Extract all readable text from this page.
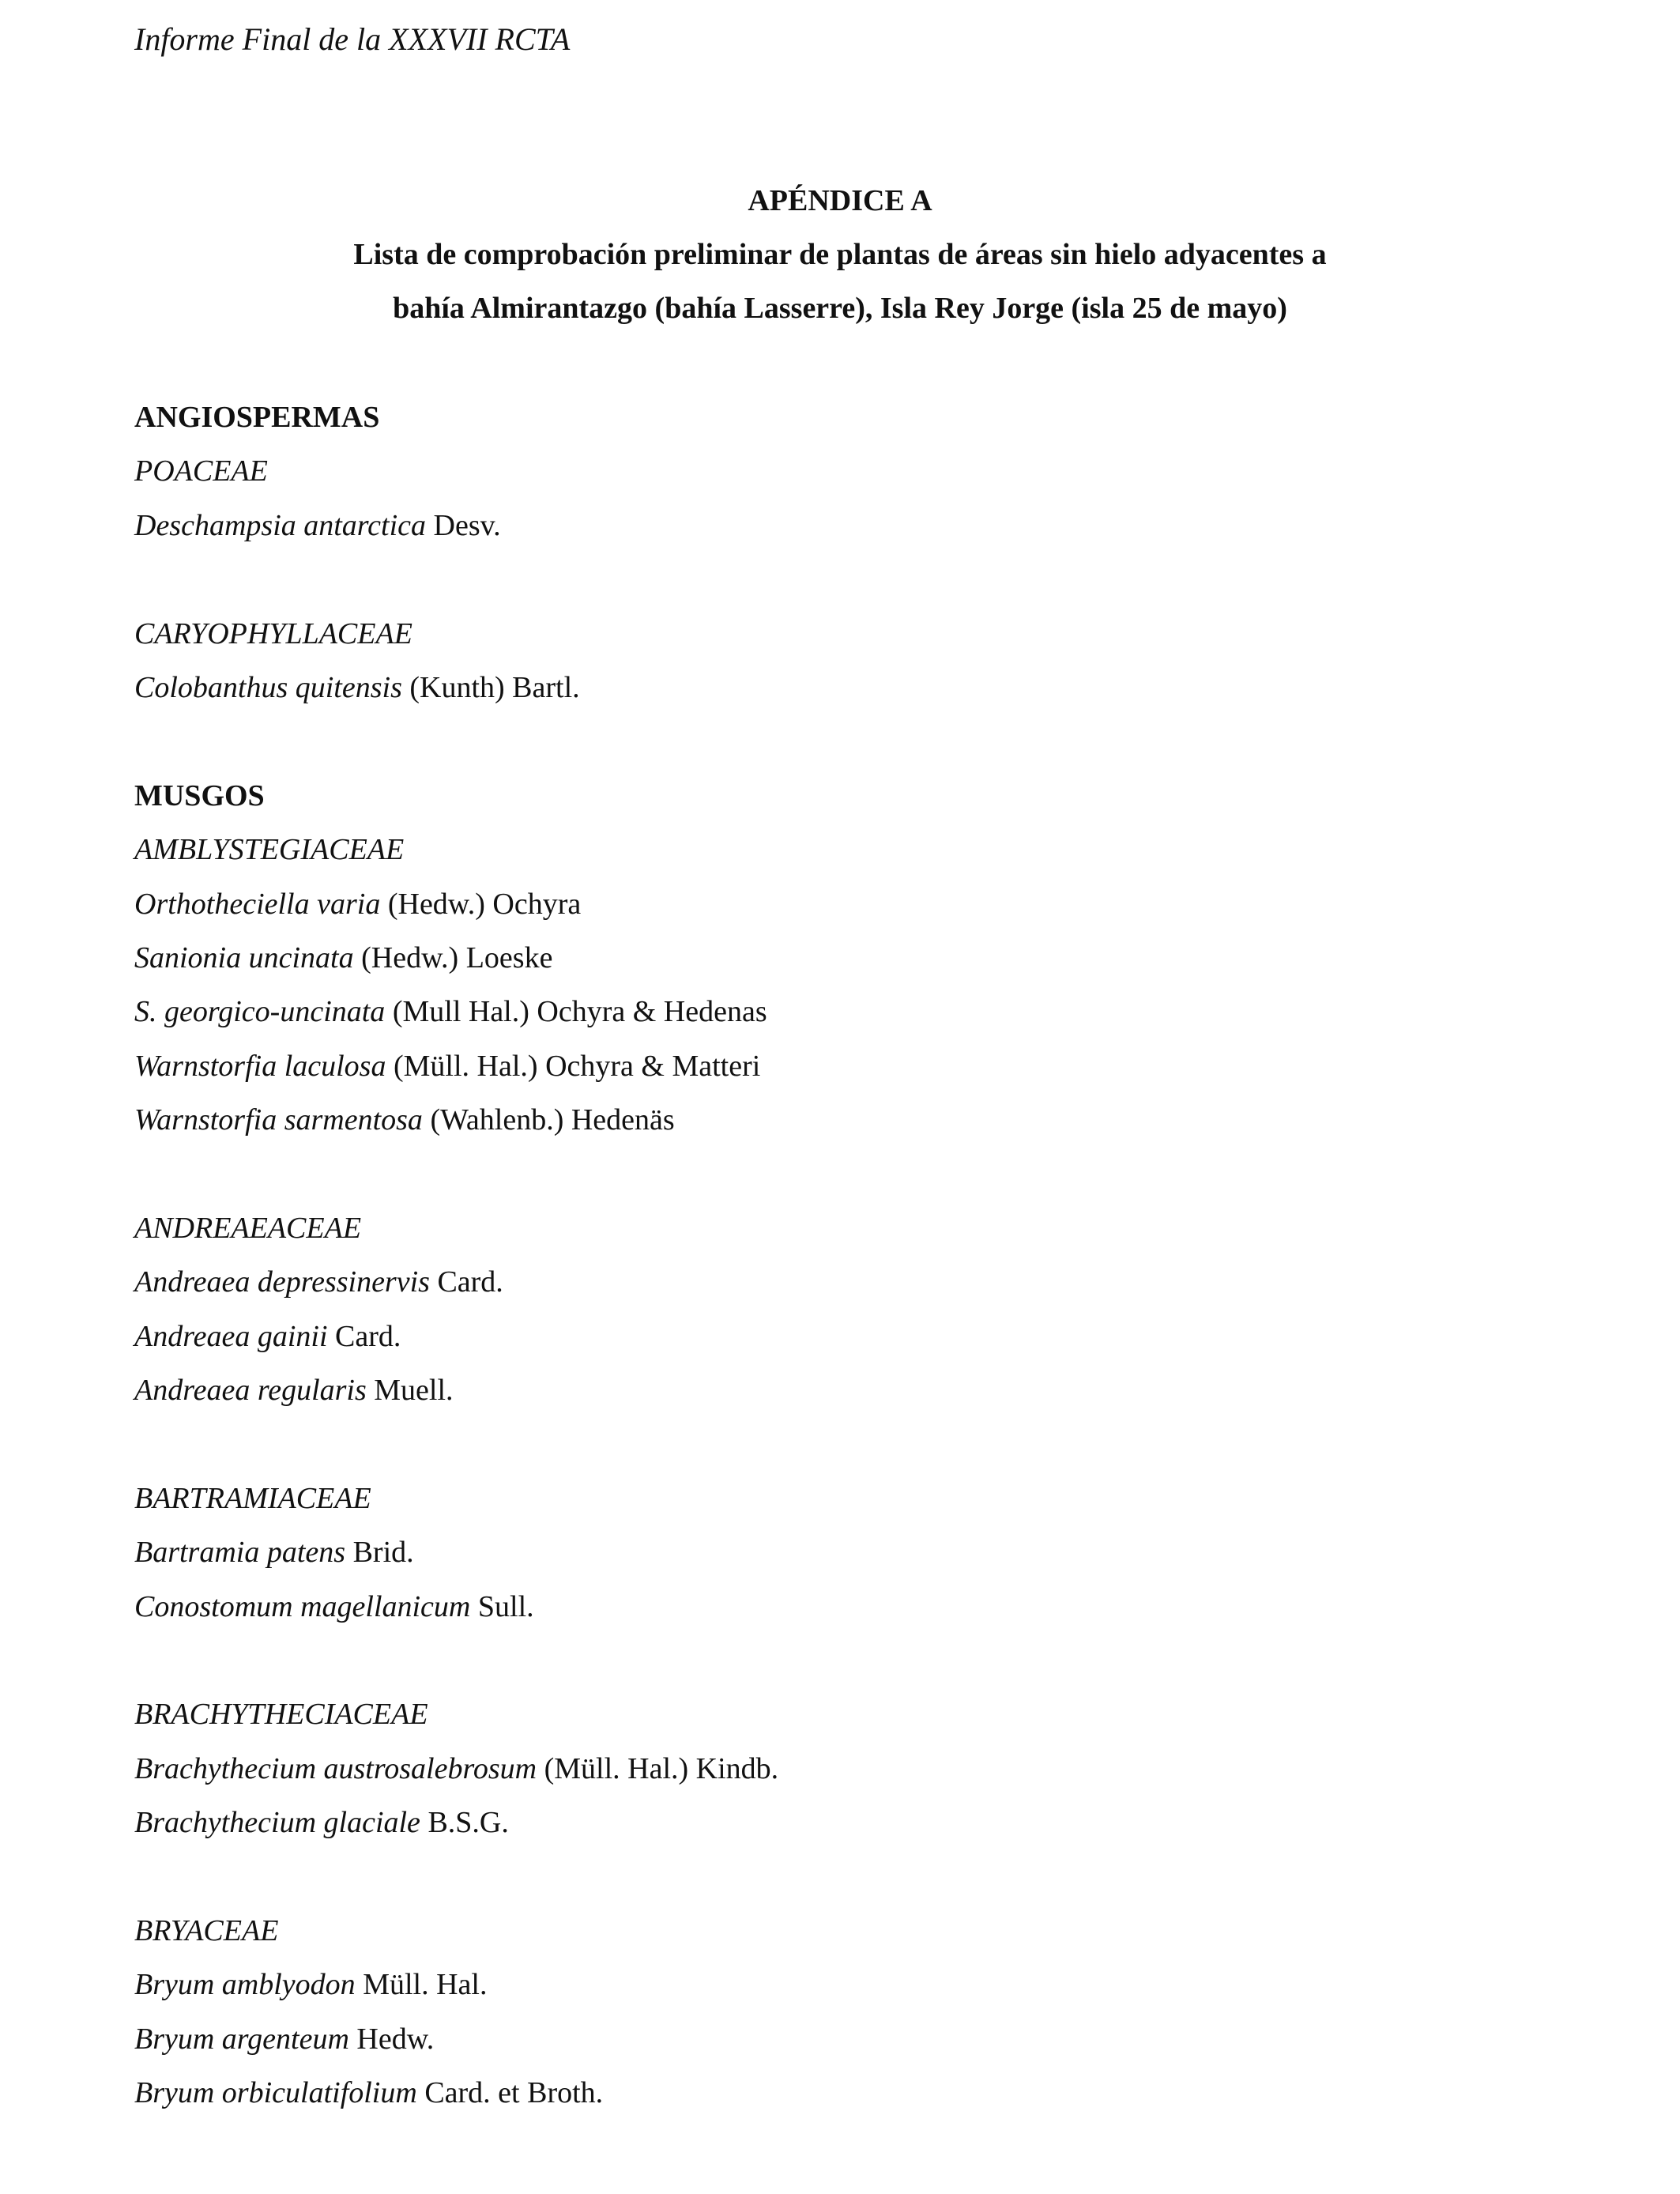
Informe Final de la XXXVII RCTA
APÉNDICE A
Lista de comprobación preliminar de plantas de áreas sin hielo adyacentes a
bahía Almirantazgo (bahía Lasserre), Isla Rey Jorge (isla 25 de mayo)
ANGIOSPERMAS
POACEAE
Deschampsia antarctica Desv.
CARYOPHYLLACEAE
Colobanthus quitensis (Kunth) Bartl.
MUSGOS
AMBLYSTEGIACEAE
Orthotheciella varia (Hedw.) Ochyra
Sanionia uncinata (Hedw.) Loeske
S. georgico-uncinata (Mull Hal.) Ochyra & Hedenas
Warnstorfia laculosa (Müll. Hal.) Ochyra & Matteri
Warnstorfia sarmentosa (Wahlenb.) Hedenäs
ANDREAEACEAE
Andreaea depressinervis Card.
Andreaea gainii Card.
Andreaea regularis Muell.
BARTRAMIACEAE
Bartramia patens Brid.
Conostomum magellanicum Sull.
BRACHYTHECIACEAE
Brachythecium austrosalebrosum (Müll. Hal.) Kindb.
Brachythecium glaciale B.S.G.
BRYACEAE
Bryum amblyodon Müll. Hal.
Bryum argenteum Hedw.
Bryum orbiculatifolium Card. et Broth.
